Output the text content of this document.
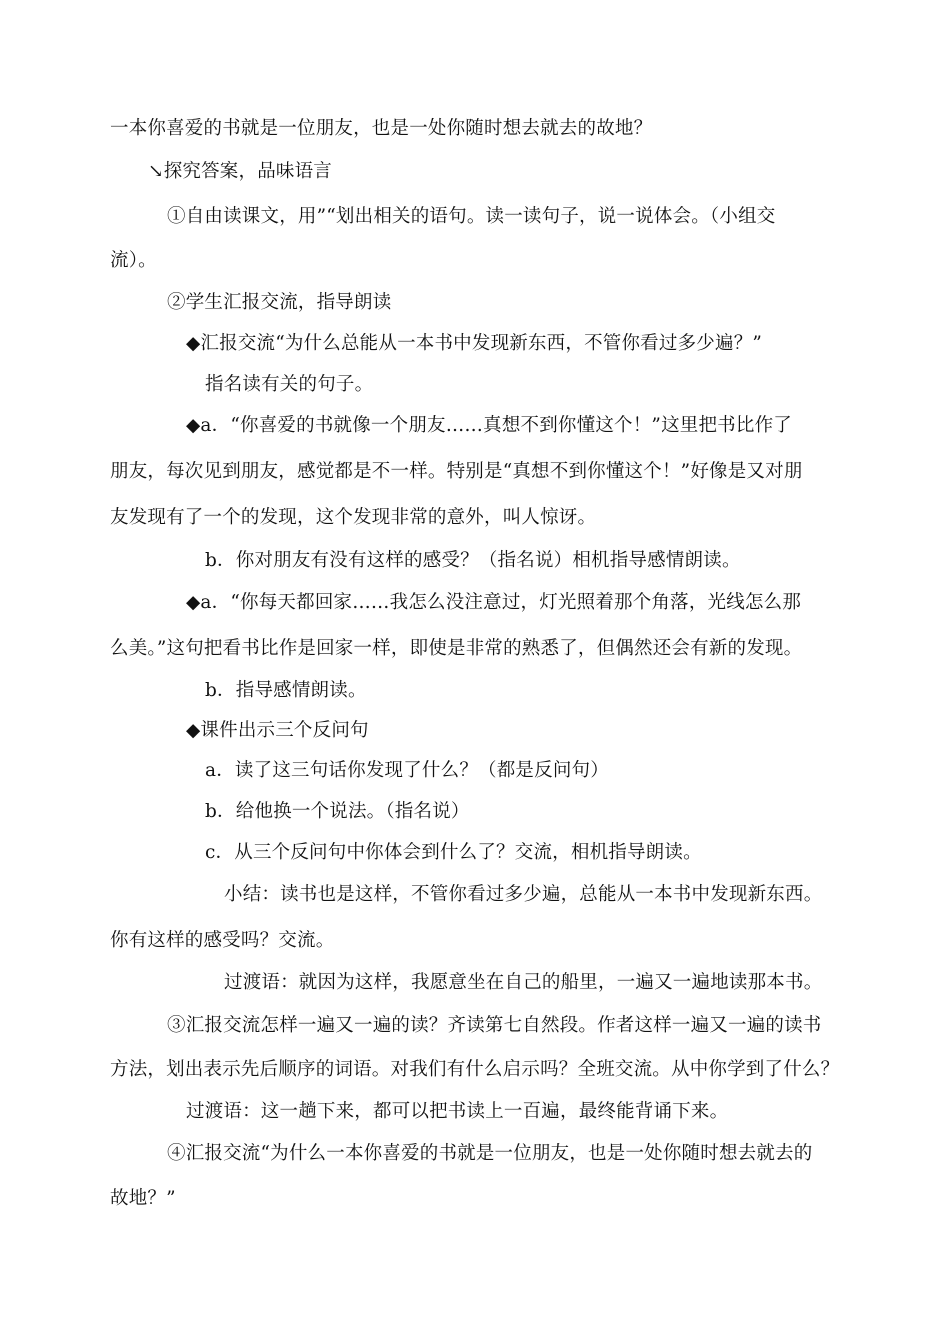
一本你喜爱的书就是一位朋友，也是一处你随时想去就去的故地？
↘探究答案，品味语言
①自由读课文，用”“划出相关的语句。读一读句子，说一说体会。（小组交
流）。
②学生汇报交流，指导朗读
◆汇报交流“为什么总能从一本书中发现新东西，不管你看过多少遍？”
指名读有关的句子。
◆a．“你喜爱的书就像一个朋友……真想不到你懂这个！”这里把书比作了
朋友，每次见到朋友，感觉都是不一样。特别是“真想不到你懂这个！”好像是又对朋
友发现有了一个的发现，这个发现非常的意外，叫人惊讶。
b．你对朋友有没有这样的感受？（指名说）相机指导感情朗读。
◆a．“你每天都回家……我怎么没注意过，灯光照着那个角落，光线怎么那
么美。”这句把看书比作是回家一样，即使是非常的熟悉了，但偶然还会有新的发现。
b．指导感情朗读。
◆课件出示三个反问句
a．读了这三句话你发现了什么？（都是反问句）
b．给他换一个说法。（指名说）
c．从三个反问句中你体会到什么了？交流，相机指导朗读。
小结：读书也是这样，不管你看过多少遍，总能从一本书中发现新东西。
你有这样的感受吗？交流。
过渡语：就因为这样，我愿意坐在自己的船里，一遍又一遍地读那本书。
③汇报交流怎样一遍又一遍的读？齐读第七自然段。作者这样一遍又一遍的读书
方法，划出表示先后顺序的词语。对我们有什么启示吗？全班交流。从中你学到了什么？
过渡语：这一趟下来，都可以把书读上一百遍，最终能背诵下来。
④汇报交流“为什么一本你喜爱的书就是一位朋友，也是一处你随时想去就去的
故地？”
